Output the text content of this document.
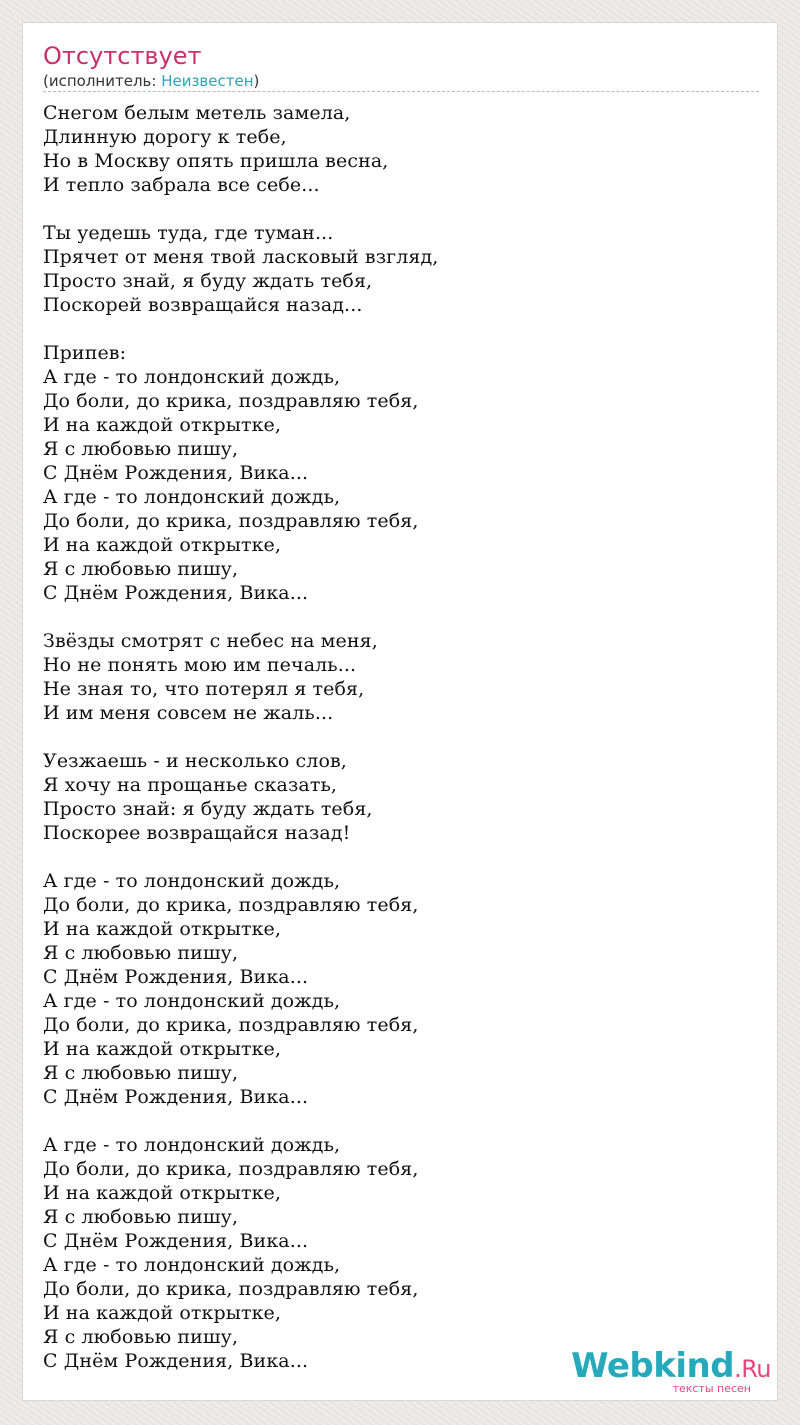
Отсутствует
(исполнитель: Неизвестен)
Снегом белым метель замела,
Длинную дорогу к тебе,
Но в Москву опять пришла весна,
И тепло забрала все себе...
Ты уедешь туда, где туман...
Прячет от меня твой ласковый взгляд,
Просто знай, я буду ждать тебя,
Поскорей возвращайся назад...
Припев:
А где - то лондонский дождь,
До боли, до крика, поздравляю тебя,
И на каждой открытке,
Я с любовью пишу,
С Днём Рождения, Вика...
А где - то лондонский дождь,
До боли, до крика, поздравляю тебя,
И на каждой открытке,
Я с любовью пишу,
С Днём Рождения, Вика...
Звёзды смотрят с небес на меня,
Но не понять мою им печаль...
Не зная то, что потерял я тебя,
И им меня совсем не жаль...
Уезжаешь - и несколько слов,
Я хочу на прощанье сказать,
Просто знай: я буду ждать тебя,
Поскорее возвращайся назад!
А где - то лондонский дождь,
До боли, до крика, поздравляю тебя,
И на каждой открытке,
Я с любовью пишу,
С Днём Рождения, Вика...
А где - то лондонский дождь,
До боли, до крика, поздравляю тебя,
И на каждой открытке,
Я с любовью пишу,
С Днём Рождения, Вика...
А где - то лондонский дождь,
До боли, до крика, поздравляю тебя,
И на каждой открытке,
Я с любовью пишу,
С Днём Рождения, Вика...
А где - то лондонский дождь,
До боли, до крика, поздравляю тебя,
И на каждой открытке,
Я с любовью пишу,
С Днём Рождения, Вика...	Webkind.Ru
тексты песен
